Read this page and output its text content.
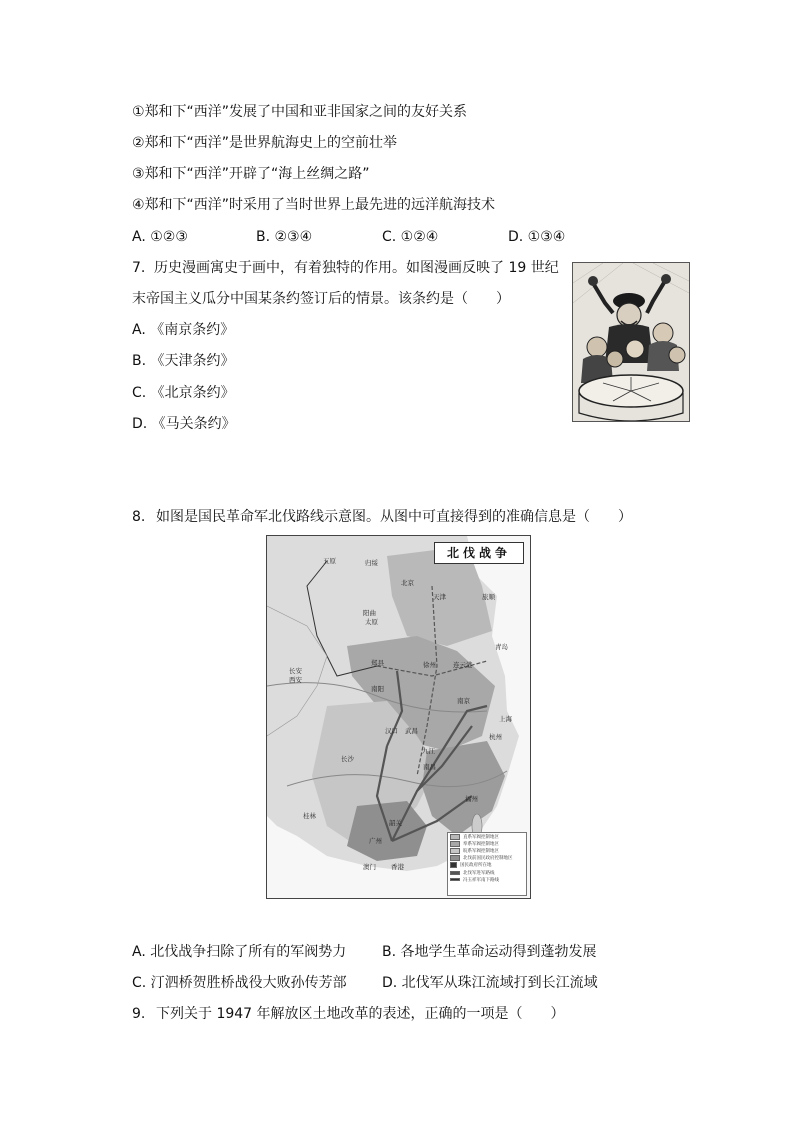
①郑和下“西洋”发展了中国和亚非国家之间的友好关系
②郑和下“西洋”是世界航海史上的空前壮举
③郑和下“西洋”开辟了“海上丝绸之路”
④郑和下“西洋”时采用了当时世界上最先进的远洋航海技术
A. ①②③	B. ②③④	C. ①②④	D. ①③④
7. 历史漫画寓史于画中，有着独特的作用。如图漫画反映了 19 世纪
末帝国主义瓜分中国某条约签订后的情景。该条约是（　　）
A. 《南京条约》
B. 《天津条约》
C. 《北京条约》
D. 《马关条约》
8. 如图是国民革命军北伐路线示意图。从图中可直接得到的准确信息是（　　）
北伐战争
五原	归绥
北京
天津
阳曲
太原
旅顺
青岛
长安
西安
郑县	徐州	连云港
南阳
南京
上海
汉口 武昌
九江
杭州
长沙
南昌
福州
桂林
韶关
广州
澳门 香港
直系军阀控制地区
奉系军阀控制地区
皖系军阀控制地区
北伐前国民政府控制地区
国民政府所在地
北伐军进军路线
冯玉祥军南下路线
A. 北伐战争扫除了所有的军阀势力	B. 各地学生革命运动得到蓬勃发展
C. 汀泗桥贺胜桥战役大败孙传芳部	D. 北伐军从珠江流域打到长江流域
9. 下列关于 1947 年解放区土地改革的表述，正确的一项是（　　）
